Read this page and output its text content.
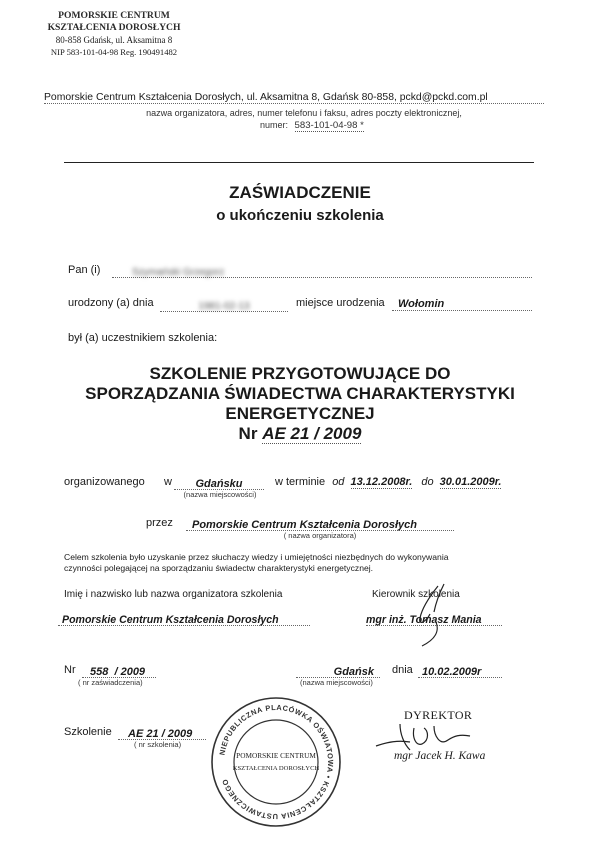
POMORSKIE CENTRUM
KSZTAŁCENIA DOROSŁYCH
80-858 Gdańsk, ul. Aksamitna 8
NIP 583-101-04-98 Reg. 190491482
Pomorskie Centrum Kształcenia Dorosłych, ul. Aksamitna 8, Gdańsk 80-858, pckd@pckd.com.pl
nazwa organizatora, adres, numer telefonu i faksu, adres poczty elektronicznej,
numer: 583-101-04-98 *
ZAŚWIADCZENIE
o ukończeniu szkolenia
Pan (i)	Szymański Grzegorz
urodzony (a) dnia	1981-02-13	miejsce urodzenia	Wołomin
był (a) uczestnikiem szkolenia:
SZKOLENIE PRZYGOTOWUJĄCE DO
SPORZĄDZANIA ŚWIADECTWA CHARAKTERYSTYKI
ENERGETYCZNEJ
Nr AE 21 / 2009
organizowanego w	Gdańsku
(nazwa miejscowości)
w terminie od 13.12.2008r. do 30.01.2009r.
przez	Pomorskie Centrum Kształcenia Dorosłych
( nazwa organizatora)
Celem szkolenia było uzyskanie przez słuchaczy wiedzy i umiejętności niezbędnych do wykonywania
czynności polegającej na sporządzaniu świadectw charakterystyki energetycznej.
Imię i nazwisko lub nazwa organizatora szkolenia	Kierownik szkolenia
Pomorskie Centrum Kształcenia Dorosłych	mgr inż. Tomasz Mania
Nr	558  / 2009
( nr zaświadczenia)
Gdańsk
(nazwa miejscowości)
dnia 10.02.2009r
Szkolenie	AE 21 / 2009
( nr szkolenia)
NIEPUBLICZNA PLACÓWKA OŚWIATOWA • KSZTAŁCENIA USTAWICZNEGO
POMORSKIE CENTRUM
KSZTAŁCENIA DOROSŁYCH
DYREKTOR
mgr Jacek H. Kawa
